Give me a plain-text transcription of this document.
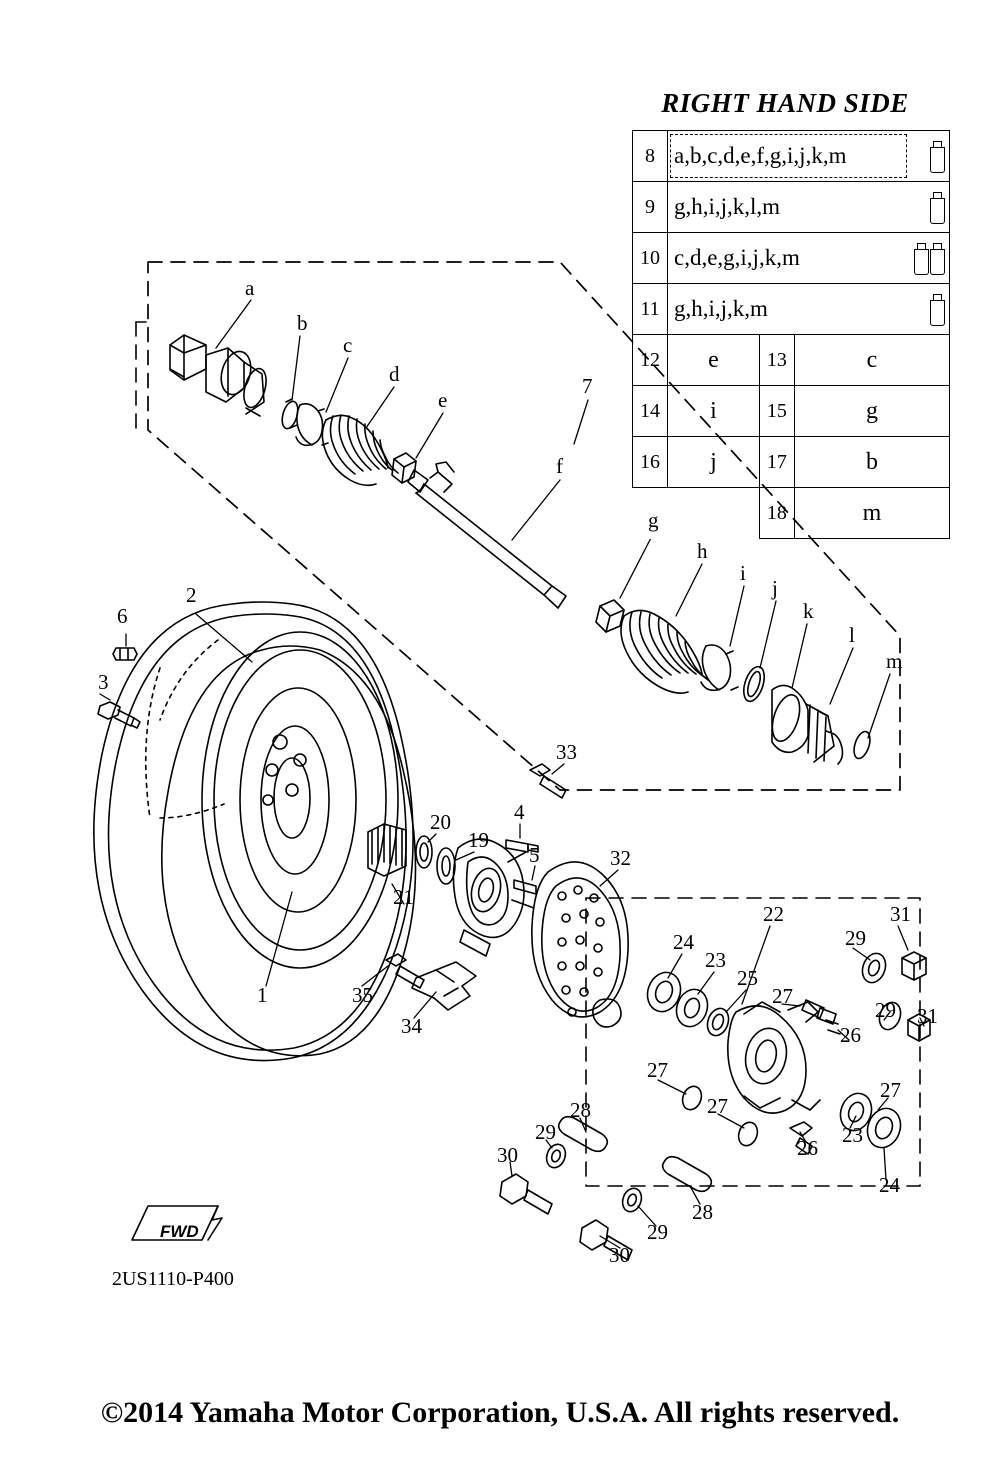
RIGHT HAND SIDE
8	a,b,c,d,e,f,g,i,j,k,m		

9	g,h,i,j,k,l,m		

10	c,d,e,g,i,j,k,m		

11	g,h,i,j,k,m		

12	e	13	c
14	i	15	g
16	j	17	b
		18	m
a
b
c
d
e
f
g
h
i
j
k
l
m
7
6
2
3
1
21
20
19
4
5
33
32
35
34
22
24
23
25
27
29
31
26
29 31
27
27
27
28
29
30	26
23
24
28
29
30
FWD
2US1110-P400
©2014 Yamaha Motor Corporation, U.S.A. All rights reserved.
